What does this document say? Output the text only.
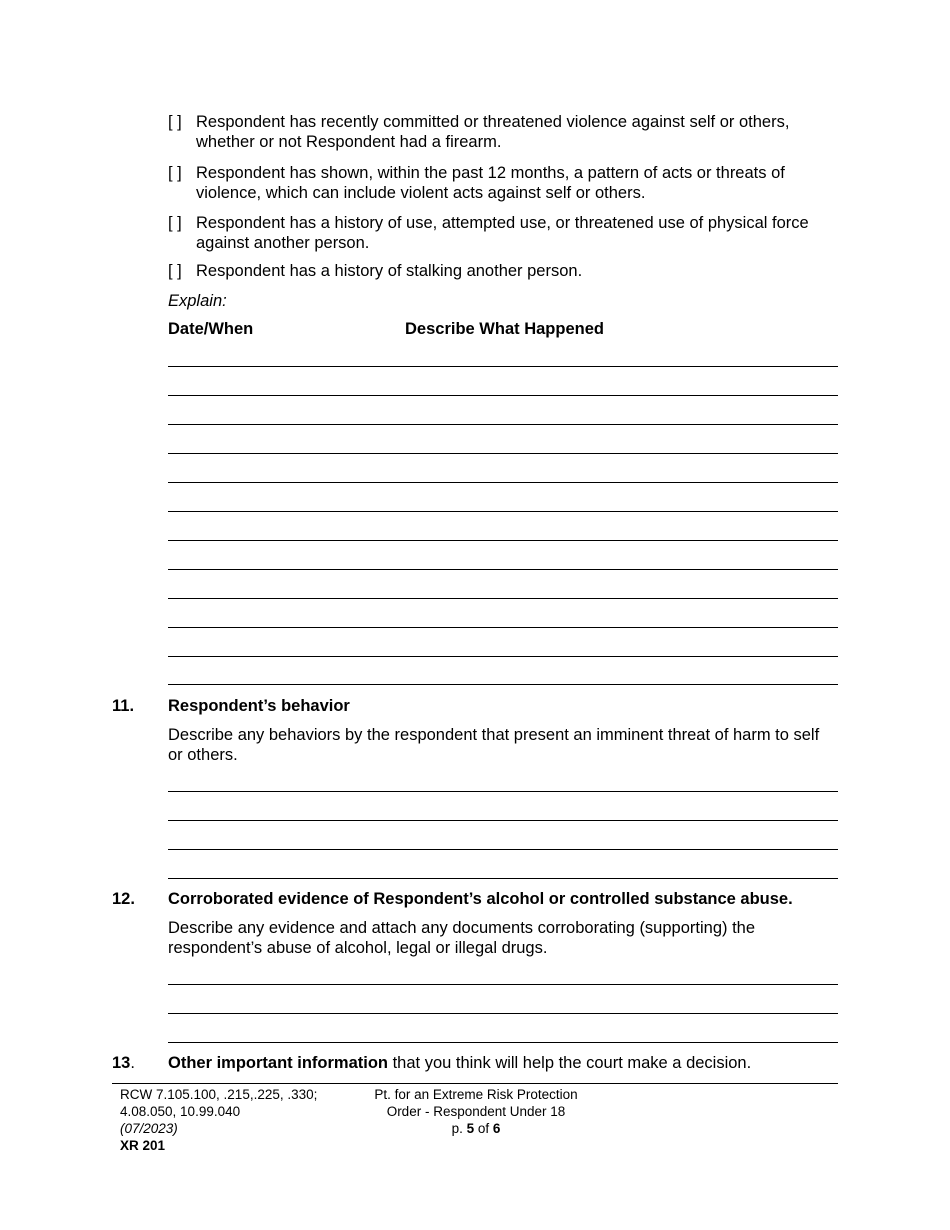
[ ] Respondent has recently committed or threatened violence against self or others, whether or not Respondent had a firearm.
[ ] Respondent has shown, within the past 12 months, a pattern of acts or threats of violence, which can include violent acts against self or others.
[ ] Respondent has a history of use, attempted use, or threatened use of physical force against another person.
[ ] Respondent has a history of stalking another person.
Explain:
Date/When	Describe What Happened
11. Respondent’s behavior
Describe any behaviors by the respondent that present an imminent threat of harm to self or others.
12. Corroborated evidence of Respondent’s alcohol or controlled substance abuse.
Describe any evidence and attach any documents corroborating (supporting) the respondent’s abuse of alcohol, legal or illegal drugs.
13. Other important information that you think will help the court make a decision.
RCW 7.105.100, .215,.225, .330;
4.08.050, 10.99.040
(07/2023)
XR 201
Pt. for an Extreme Risk Protection
Order - Respondent Under 18
p. 5 of 6
